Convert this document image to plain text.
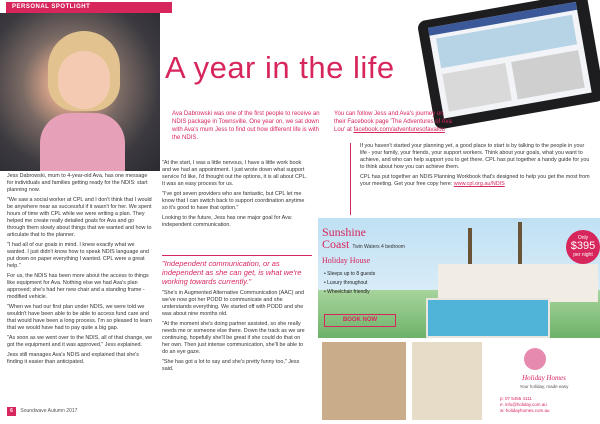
PERSONAL SPOTLIGHT
A year in the life
Ava Dabrowski was one of the first people to receive an NDIS package in Townsville. One year on, we sat down with Ava's mum Jess to find out how different life is with the NDIS.
You can follow Jess and Ava's journey on their Facebook page 'The Adventures of Ava Lou' at facebook.com/adventuresofavalou

Jess Dabrowski, mum to 4-year-old Ava, has one message for individuals and families getting ready for the NDIS: start planning now.

"We saw a social worker at CPL and I don't think that I would be anywhere near as successful if it wasn't for her. We spent hours of time with CPL while we were writing a plan. They helped me create really detailed goals for Ava and go through them slowly about things that we wanted and how to articulate that to the planner.

"I had all of our goals in mind. I knew exactly what we wanted. I just didn't know how to speak NDIS language and put down on paper everything I wanted. CPL were a great help."

For us, the NDIS has been more about the access to things like equipment for Ava. Nothing else we had Ava's plan approved; she's had her new chair and a standing frame - modified vehicle.

"When we had our first plan under NDIS, we were told we wouldn't have been able to be able to access fund care and that would have been a long process. I'm so pleased to learn that we would have had to pay quite a big gap.

"As soon as we went over to the NDIS, all of that change, we got the equipment and it was approved," Jess explained.

Jess still manages Ava's NDIS and explained that she's finding it easier than anticipated.

"At the start, I was a little nervous, I have a little work book and we had an appointment. I just wrote down what support service I'd like, I'd thought out the options, it is all about CPL. It was an easy process for us.

"I've got seven providers who are fantastic, but CPL let me know that I can switch back to support coordination anytime so it's good to have that option."

Looking to the future, Jess has one major goal for Ava: independent communication.

"Independent communication, or as independent as she can get, is what we're working towards currently."

"She's in Augmented Alternative Communication (AAC) and we've now got her PODD to communicate and she understands everything. We started off with PODD and she was about nine months old.

"At the moment she's doing partner assisted, so she really needs me or someone else there. Down the track as we are continuing, hopefully she'll be great if she could do that on her own. Then just intense communication, she'll be able to do an eye gaze.

"She has got a lot to say and she's pretty funny too," Jess said.

If you haven't started your planning yet, a good place to start is by talking to the people in your life - your family, your friends, your support workers. Think about your goals, what you want to achieve, and who can help support you to get there. CPL has put together a handy guide for you to think about how you can achieve them.

CPL has put together an NDIS Planning Workbook that's designed to help you get the most from your meeting. Get your free copy here: www.cpl.org.au/NDIS

Sunshine
Coast Twin Waters 4 bedroom
Holiday House
• Sleeps up to 8 guests
• Luxury throughout
• Wheelchair friendly
BOOK NOW
Only
$395
per night
Holiday Homes
Your holiday, made easy
p: 07 5455 4111
e: info@holiday.com.au
w: holidayhomes.com.au
6 Soundwave Autumn 2017
